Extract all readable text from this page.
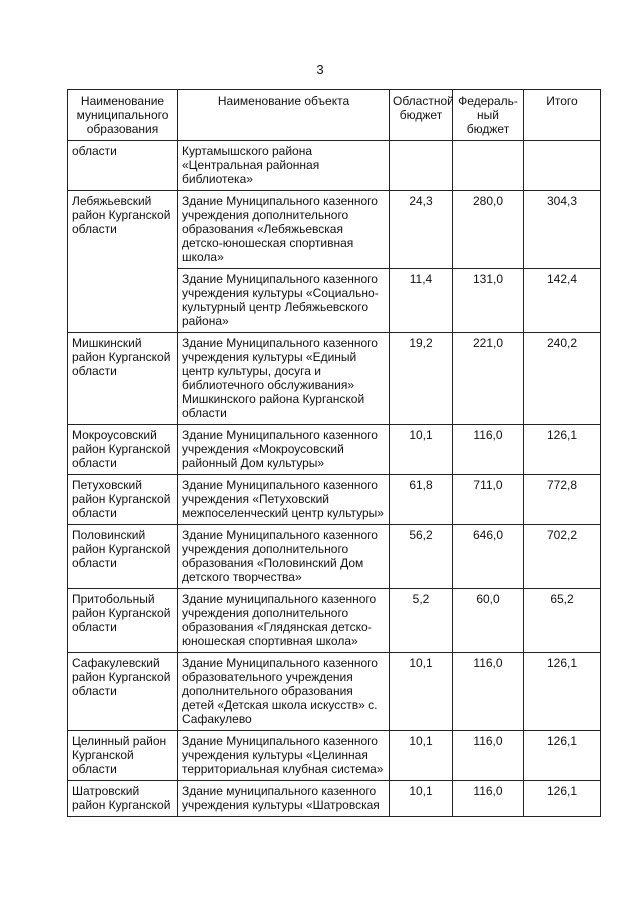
3
Наименование муниципального образования	Наименование объекта	Областной бюджет	Федераль-ный бюджет	Итого
области	Куртамышского района «Центральная районная библиотека»			
Лебяжьевский район Курганской области	Здание Муниципального казенного учреждения дополнительного образования «Лебяжьевская детско-юношеская спортивная школа»	24,3	280,0	304,3
	Здание Муниципального казенного учреждения культуры «Социально-культурный центр Лебяжьевского района»	11,4	131,0	142,4
Мишкинский район Курганской области	Здание Муниципального казенного учреждения культуры «Единый центр культуры, досуга и библиотечного обслуживания» Мишкинского района Курганской области	19,2	221,0	240,2
Мокроусовский район Курганской области	Здание Муниципального казенного учреждения «Мокроусовский районный Дом культуры»	10,1	116,0	126,1
Петуховский район Курганской области	Здание Муниципального казенного учреждения «Петуховский межпоселенческий центр культуры»	61,8	711,0	772,8
Половинский район Курганской области	Здание Муниципального казенного учреждения дополнительного образования «Половинский Дом детского творчества»	56,2	646,0	702,2
Притобольный район Курганской области	Здание муниципального казенного учреждения дополнительного образования «Глядянская детско-юношеская спортивная школа»	5,2	60,0	65,2
Сафакулевский район Курганской области	Здание Муниципального казенного образовательного учреждения дополнительного образования детей «Детская школа искусств» с. Сафакулево	10,1	116,0	126,1
Целинный район Курганской области	Здание Муниципального казенного учреждения культуры «Целинная территориальная клубная система»	10,1	116,0	126,1
Шатровский район Курганской	Здание муниципального казенного учреждения культуры «Шатровская	10,1	116,0	126,1
